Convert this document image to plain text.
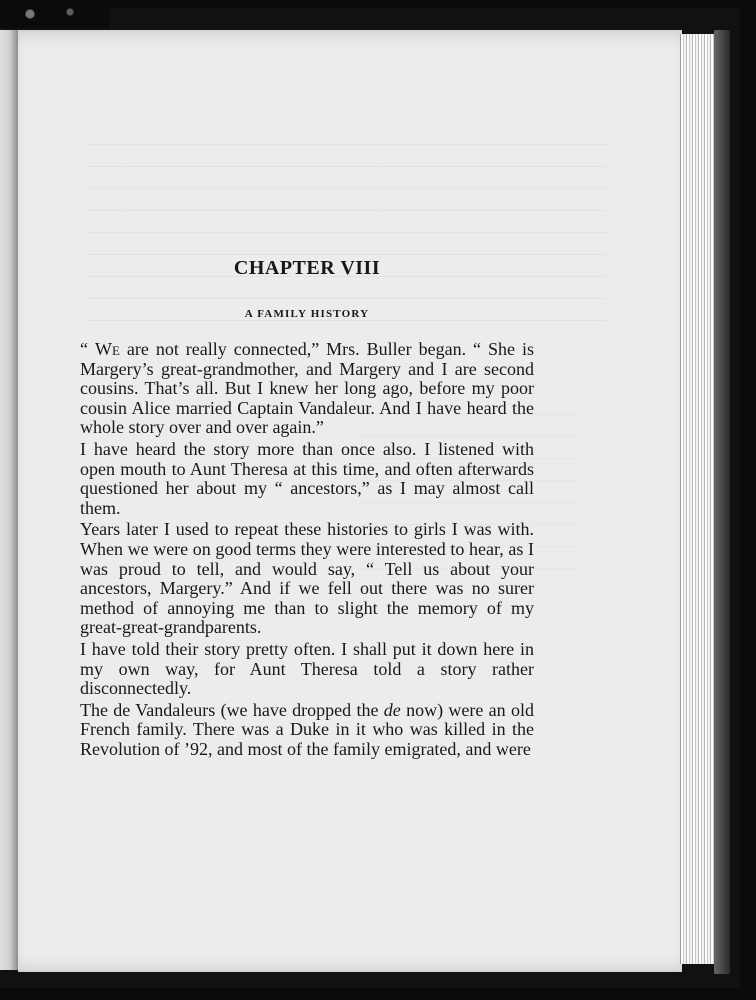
CHAPTER VIII
A FAMILY HISTORY

“ We are not really connected,” Mrs. Buller began. “ She is Margery’s great-grandmother, and Margery and I are second cousins. That’s all. But I knew her long ago, before my poor cousin Alice married Captain Vandaleur. And I have heard the whole story over and over again.”

I have heard the story more than once also. I listened with open mouth to Aunt Theresa at this time, and often afterwards questioned her about my “ ancestors,” as I may almost call them.

Years later I used to repeat these histories to girls I was with. When we were on good terms they were interested to hear, as I was proud to tell, and would say, “ Tell us about your ancestors, Margery.” And if we fell out there was no surer method of annoying me than to slight the memory of my great-great-grandparents.

I have told their story pretty often. I shall put it down here in my own way, for Aunt Theresa told a story rather disconnectedly.

The de Vandaleurs (we have dropped the de now) were an old French family. There was a Duke in it who was killed in the Revolution of ’92, and most of the family emigrated, and were
